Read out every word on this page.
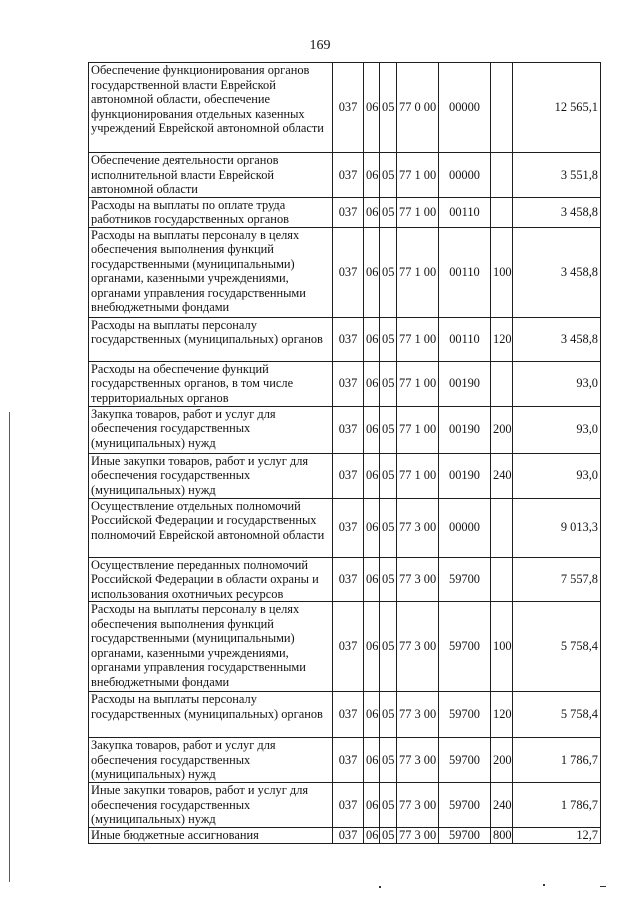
169
Обеспечение функционирования органов государственной власти Еврейской автономной области, обеспечение функционирования отдельных казенных учреждений Еврейской автономной области	037	06	05	77 0 00	00000		12 565,1
Обеспечение деятельности органов исполнительной власти Еврейской автономной области	037	06	05	77 1 00	00000		3 551,8
Расходы на выплаты по оплате труда работников государственных органов	037	06	05	77 1 00	00110		3 458,8
Расходы на выплаты персоналу в целях обеспечения выполнения функций государственными (муниципальными) органами, казенными учреждениями, органами управления государственными внебюджетными фондами	037	06	05	77 1 00	00110	100	3 458,8
Расходы на выплаты персоналу государственных (муниципальных) органов	037	06	05	77 1 00	00110	120	3 458,8
Расходы на обеспечение функций государственных органов, в том числе территориальных органов	037	06	05	77 1 00	00190		93,0
Закупка товаров, работ и услуг для обеспечения государственных (муниципальных) нужд	037	06	05	77 1 00	00190	200	93,0
Иные закупки товаров, работ и услуг для обеспечения государственных (муниципальных) нужд	037	06	05	77 1 00	00190	240	93,0
Осуществление отдельных полномочий Российской Федерации и государственных полномочий Еврейской автономной области	037	06	05	77 3 00	00000		9 013,3
Осуществление переданных полномочий Российской Федерации в области охраны и использования охотничьих ресурсов	037	06	05	77 3 00	59700		7 557,8
Расходы на выплаты персоналу в целях обеспечения выполнения функций государственными (муниципальными) органами, казенными учреждениями, органами управления государственными внебюджетными фондами	037	06	05	77 3 00	59700	100	5 758,4
Расходы на выплаты персоналу государственных (муниципальных) органов	037	06	05	77 3 00	59700	120	5 758,4
Закупка товаров, работ и услуг для обеспечения государственных (муниципальных) нужд	037	06	05	77 3 00	59700	200	1 786,7
Иные закупки товаров, работ и услуг для обеспечения государственных (муниципальных) нужд	037	06	05	77 3 00	59700	240	1 786,7
Иные бюджетные ассигнования	037	06	05	77 3 00	59700	800	12,7
